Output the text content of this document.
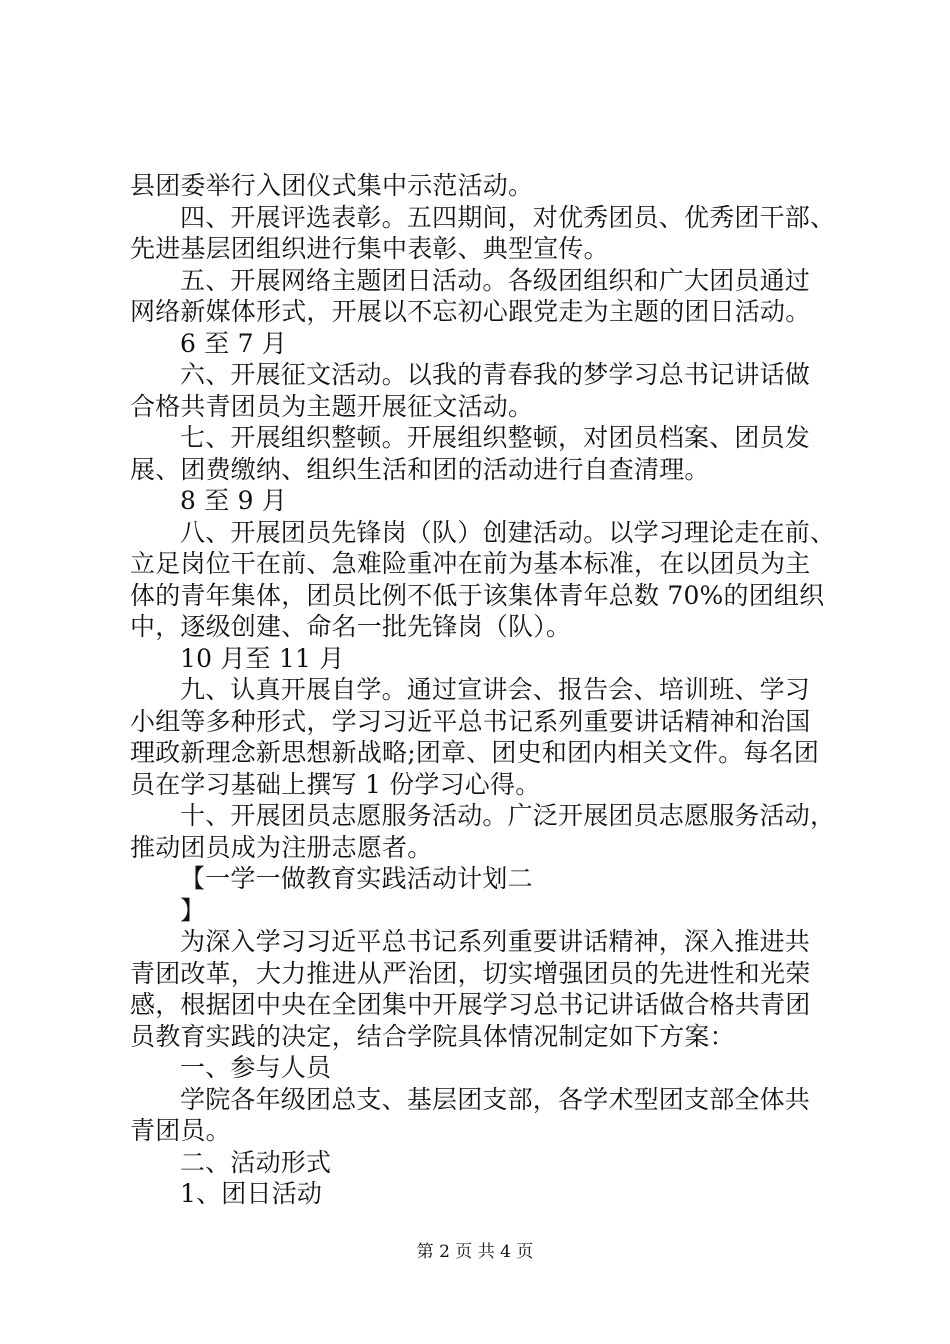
县团委举行入团仪式集中示范活动。
四、开展评选表彰。五四期间，对优秀团员、优秀团干部、
先进基层团组织进行集中表彰、典型宣传。
五、开展网络主题团日活动。各级团组织和广大团员通过
网络新媒体形式，开展以不忘初心跟党走为主题的团日活动。
6 至 7 月
六、开展征文活动。以我的青春我的梦学习总书记讲话做
合格共青团员为主题开展征文活动。
七、开展组织整顿。开展组织整顿，对团员档案、团员发
展、团费缴纳、组织生活和团的活动进行自查清理。
8 至 9 月
八、开展团员先锋岗（队）创建活动。以学习理论走在前、
立足岗位干在前、急难险重冲在前为基本标准，在以团员为主
体的青年集体，团员比例不低于该集体青年总数 70%的团组织
中，逐级创建、命名一批先锋岗（队）。
10 月至 11 月
九、认真开展自学。通过宣讲会、报告会、培训班、学习
小组等多种形式，学习习近平总书记系列重要讲话精神和治国
理政新理念新思想新战略;团章、团史和团内相关文件。每名团
员在学习基础上撰写 1 份学习心得。
十、开展团员志愿服务活动。广泛开展团员志愿服务活动，
推动团员成为注册志愿者。
【一学一做教育实践活动计划二
】
为深入学习习近平总书记系列重要讲话精神，深入推进共
青团改革，大力推进从严治团，切实增强团员的先进性和光荣
感，根据团中央在全团集中开展学习总书记讲话做合格共青团
员教育实践的决定，结合学院具体情况制定如下方案：
一、参与人员
学院各年级团总支、基层团支部，各学术型团支部全体共
青团员。
二、活动形式
1、团日活动
第 2 页 共 4 页
